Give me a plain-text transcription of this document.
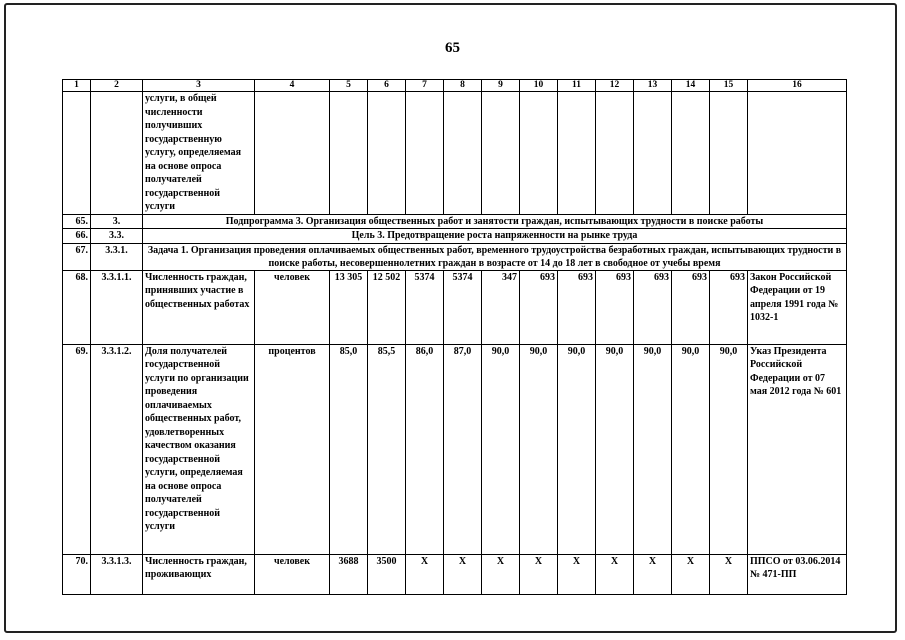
65
1	2	3	4	5	6	7	8	9	10	11	12	13	14	15	16
		услуги, в общей численности получивших государственную услугу, определяемая на основе опроса получателей государственной услуги													
65.	3.	Подпрограмма 3. Организация общественных работ и занятости граждан, испытывающих трудности в поиске работы													
66.	3.3.	Цель 3. Предотвращение роста напряженности на рынке труда													
67.	3.3.1.	Задача 1. Организация проведения оплачиваемых общественных работ, временного трудоустройства безработных граждан, испытывающих трудности в поиске работы, несовершеннолетних граждан в возрасте от 14 до 18 лет в свободное от учебы время													
68.	3.3.1.1.	Численность граждан, принявших участие в общественных работах	человек	13 305	12 502	5374	5374	347	693	693	693	693	693	693	Закон Российской Федерации от 19 апреля 1991 года № 1032-1
69.	3.3.1.2.	Доля получателей государственной услуги по организации проведения оплачиваемых общественных работ, удовлетворенных качеством оказания государственной услуги, определяемая на основе опроса получателей государственной услуги	процентов	85,0	85,5	86,0	87,0	90,0	90,0	90,0	90,0	90,0	90,0	90,0	Указ Президента Российской Федерации от 07 мая 2012 года № 601
70.	3.3.1.3.	Численность граждан, проживающих	человек	3688	3500	X	X	X	X	X	X	X	X	X	ППСО от 03.06.2014 № 471-ПП
